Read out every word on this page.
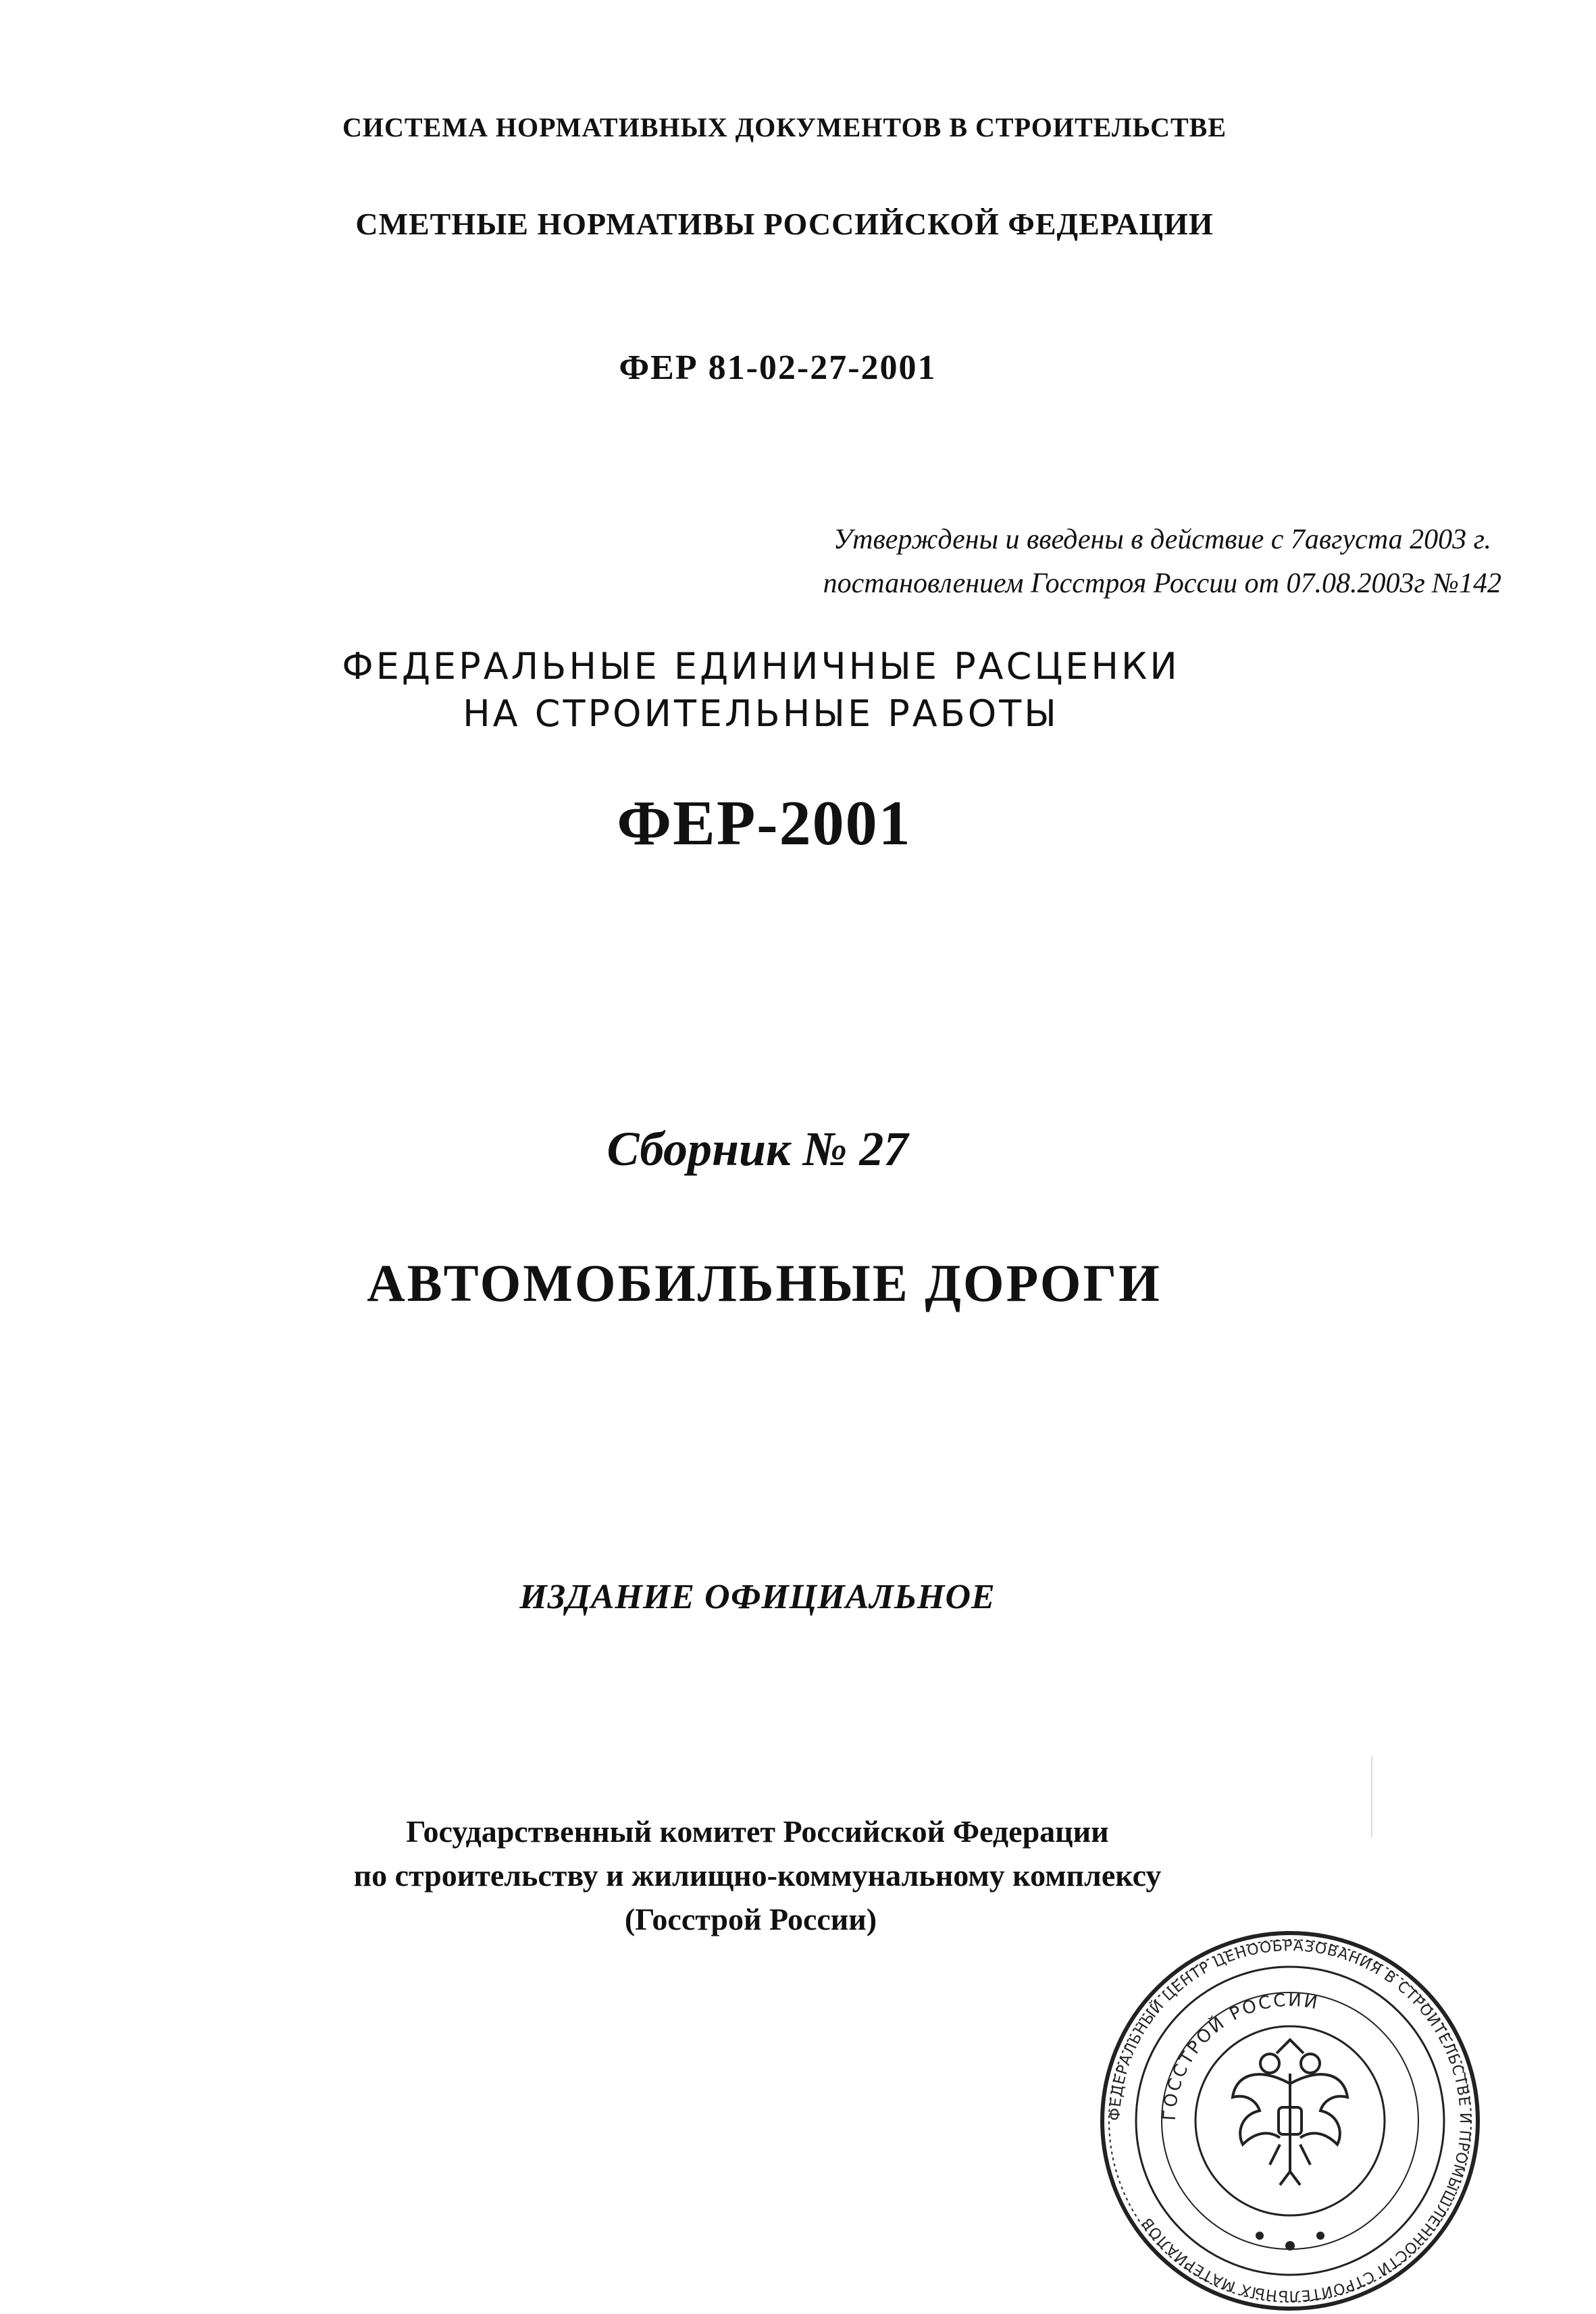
СИСТЕМА НОРМАТИВНЫХ ДОКУМЕНТОВ В СТРОИТЕЛЬСТВЕ
СМЕТНЫЕ НОРМАТИВЫ РОССИЙСКОЙ ФЕДЕРАЦИИ
ФЕР 81-02-27-2001
Утверждены и введены в действие с 7августа 2003 г.
постановлением Госстроя России от 07.08.2003г №142
ФЕДЕРАЛЬНЫЕ ЕДИНИЧНЫЕ РАСЦЕНКИ
НА СТРОИТЕЛЬНЫЕ РАБОТЫ
ФЕР-2001
Сборник № 27
АВТОМОБИЛЬНЫЕ ДОРОГИ
ИЗДАНИЕ ОФИЦИАЛЬНОЕ
Государственный комитет Российской Федерации
по строительству и жилищно-коммунальному комплексу
(Госстрой России)
ФЕДЕРАЛЬНЫЙ ЦЕНТР ЦЕНООБРАЗОВАНИЯ В СТРОИТЕЛЬСТВЕ И ПРОМЫШЛЕННОСТИ СТРОИТЕЛЬНЫХ МАТЕРИАЛОВ
ГОССТРОЙ РОССИИ
